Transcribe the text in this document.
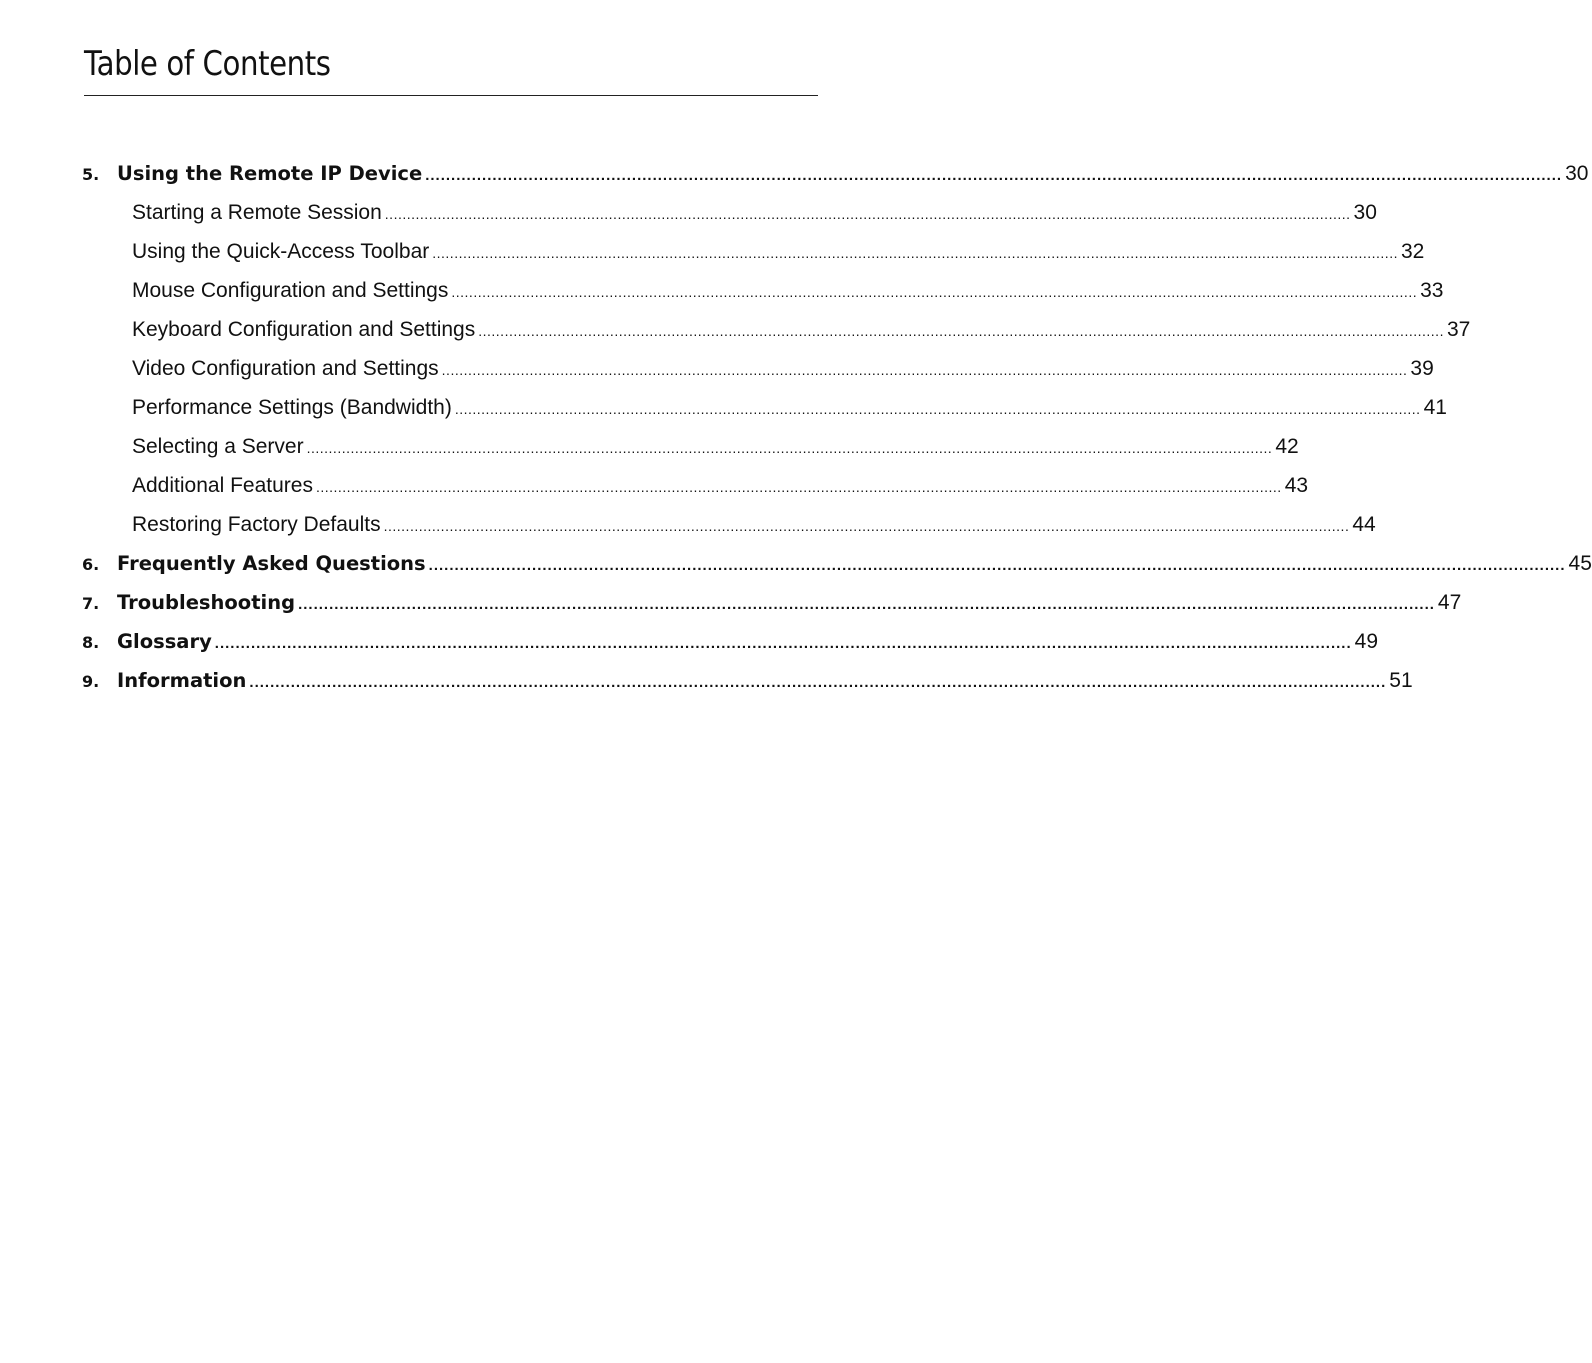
Table of Contents
5. Using the Remote IP Device ............................................................................................................................................................................................................................ 30
Starting a Remote Session ............................................................................................................................................................................................................................ 30
Using the Quick-Access Toolbar ............................................................................................................................................................................................................................ 32
Mouse Configuration and Settings ............................................................................................................................................................................................................................ 33
Keyboard Configuration and Settings ............................................................................................................................................................................................................................ 37
Video Configuration and Settings ............................................................................................................................................................................................................................ 39
Performance Settings (Bandwidth) ............................................................................................................................................................................................................................ 41
Selecting a Server ............................................................................................................................................................................................................................ 42
Additional Features ............................................................................................................................................................................................................................ 43
Restoring Factory Defaults ............................................................................................................................................................................................................................ 44
6. Frequently Asked Questions ............................................................................................................................................................................................................................ 45
7. Troubleshooting ............................................................................................................................................................................................................................ 47
8. Glossary ............................................................................................................................................................................................................................ 49
9. Information ............................................................................................................................................................................................................................ 51
